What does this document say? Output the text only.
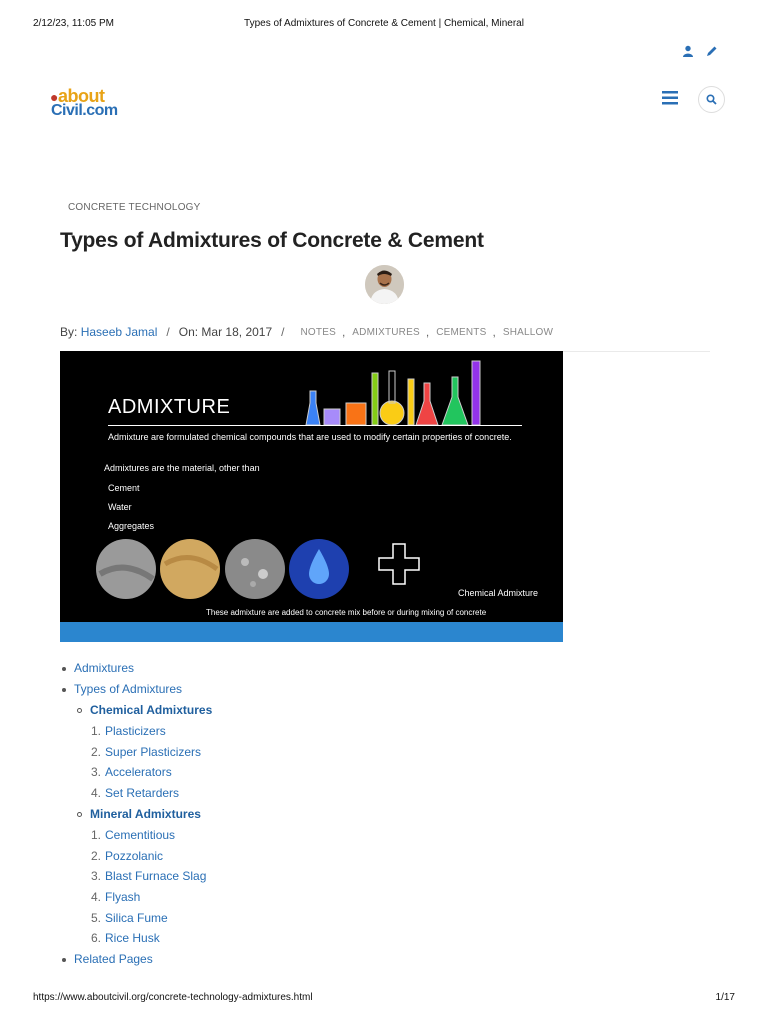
2/12/23, 11:05 PM	Types of Admixtures of Concrete & Cement | Chemical, Mineral
●about
Civil.com
CONCRETE TECHNOLOGY
Types of Admixtures of Concrete & Cement
By:
Haseeb Jamal / On: Mar 18, 2017 / NOTES , ADMIXTURES , CEMENTS , SHALLOW
ADMIXTURE
Admixture are formulated chemical compounds that are used to modify certain properties of concrete.
Admixtures are the material, other than
Cement
Water
Aggregates
Chemical Admixture
These admixture are added to concrete mix before or during mixing of concrete
Admixtures
Types of Admixtures
Chemical Admixtures
1. Plasticizers
2. Super Plasticizers
3. Accelerators
4. Set Retarders
Mineral Admixtures
1. Cementitious
2. Pozzolanic
3. Blast Furnace Slag
4. Flyash
5. Silica Fume
6. Rice Husk
Related Pages
https://www.aboutcivil.org/concrete-technology-admixtures.html	1/17
